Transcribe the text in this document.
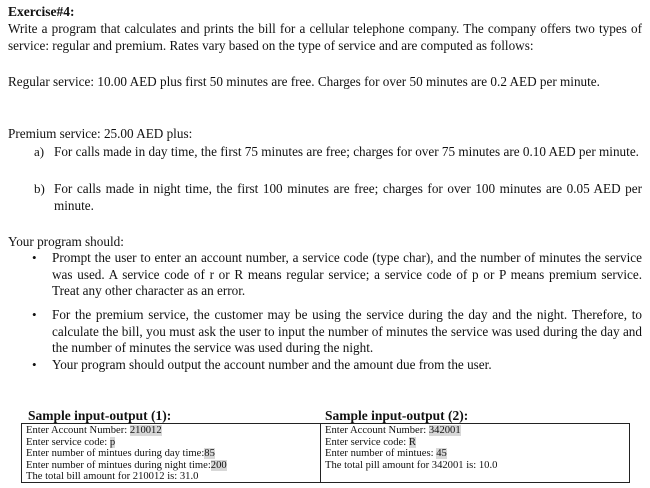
Exercise#4:

Write a program that calculates and prints the bill for a cellular telephone company. The company offers two types of service: regular and premium. Rates vary based on the type of service and are computed as follows:

Regular service: 10.00 AED plus first 50 minutes are free. Charges for over 50 minutes are 0.2 AED per minute.

Premium service: 25.00 AED plus:

a) For calls made in day time, the first 75 minutes are free; charges for over 75 minutes are 0.10 AED per minute.

b) For calls made in night time, the first 100 minutes are free; charges for over 100 minutes are 0.05 AED per minute.

Your program should:

• Prompt the user to enter an account number, a service code (type char), and the number of minutes the service was used. A service code of r or R means regular service; a service code of p or P means premium service. Treat any other character as an error.

• For the premium service, the customer may be using the service during the day and the night. Therefore, to calculate the bill, you must ask the user to input the number of minutes the service was used during the day and the number of minutes the service was used during the night.

• Your program should output the account number and the amount due from the user.

Sample input-output (1):	Sample input-output (2):

Enter Account Number: 210012
Enter service code: p
Enter number of mintues during day time:85
Enter number of mintues during night time:200
The total bill amount for 210012 is: 31.0
Enter Account Number: 342001
Enter service code: R
Enter number of mintues: 45
The total pill amount for 342001 is: 10.0
